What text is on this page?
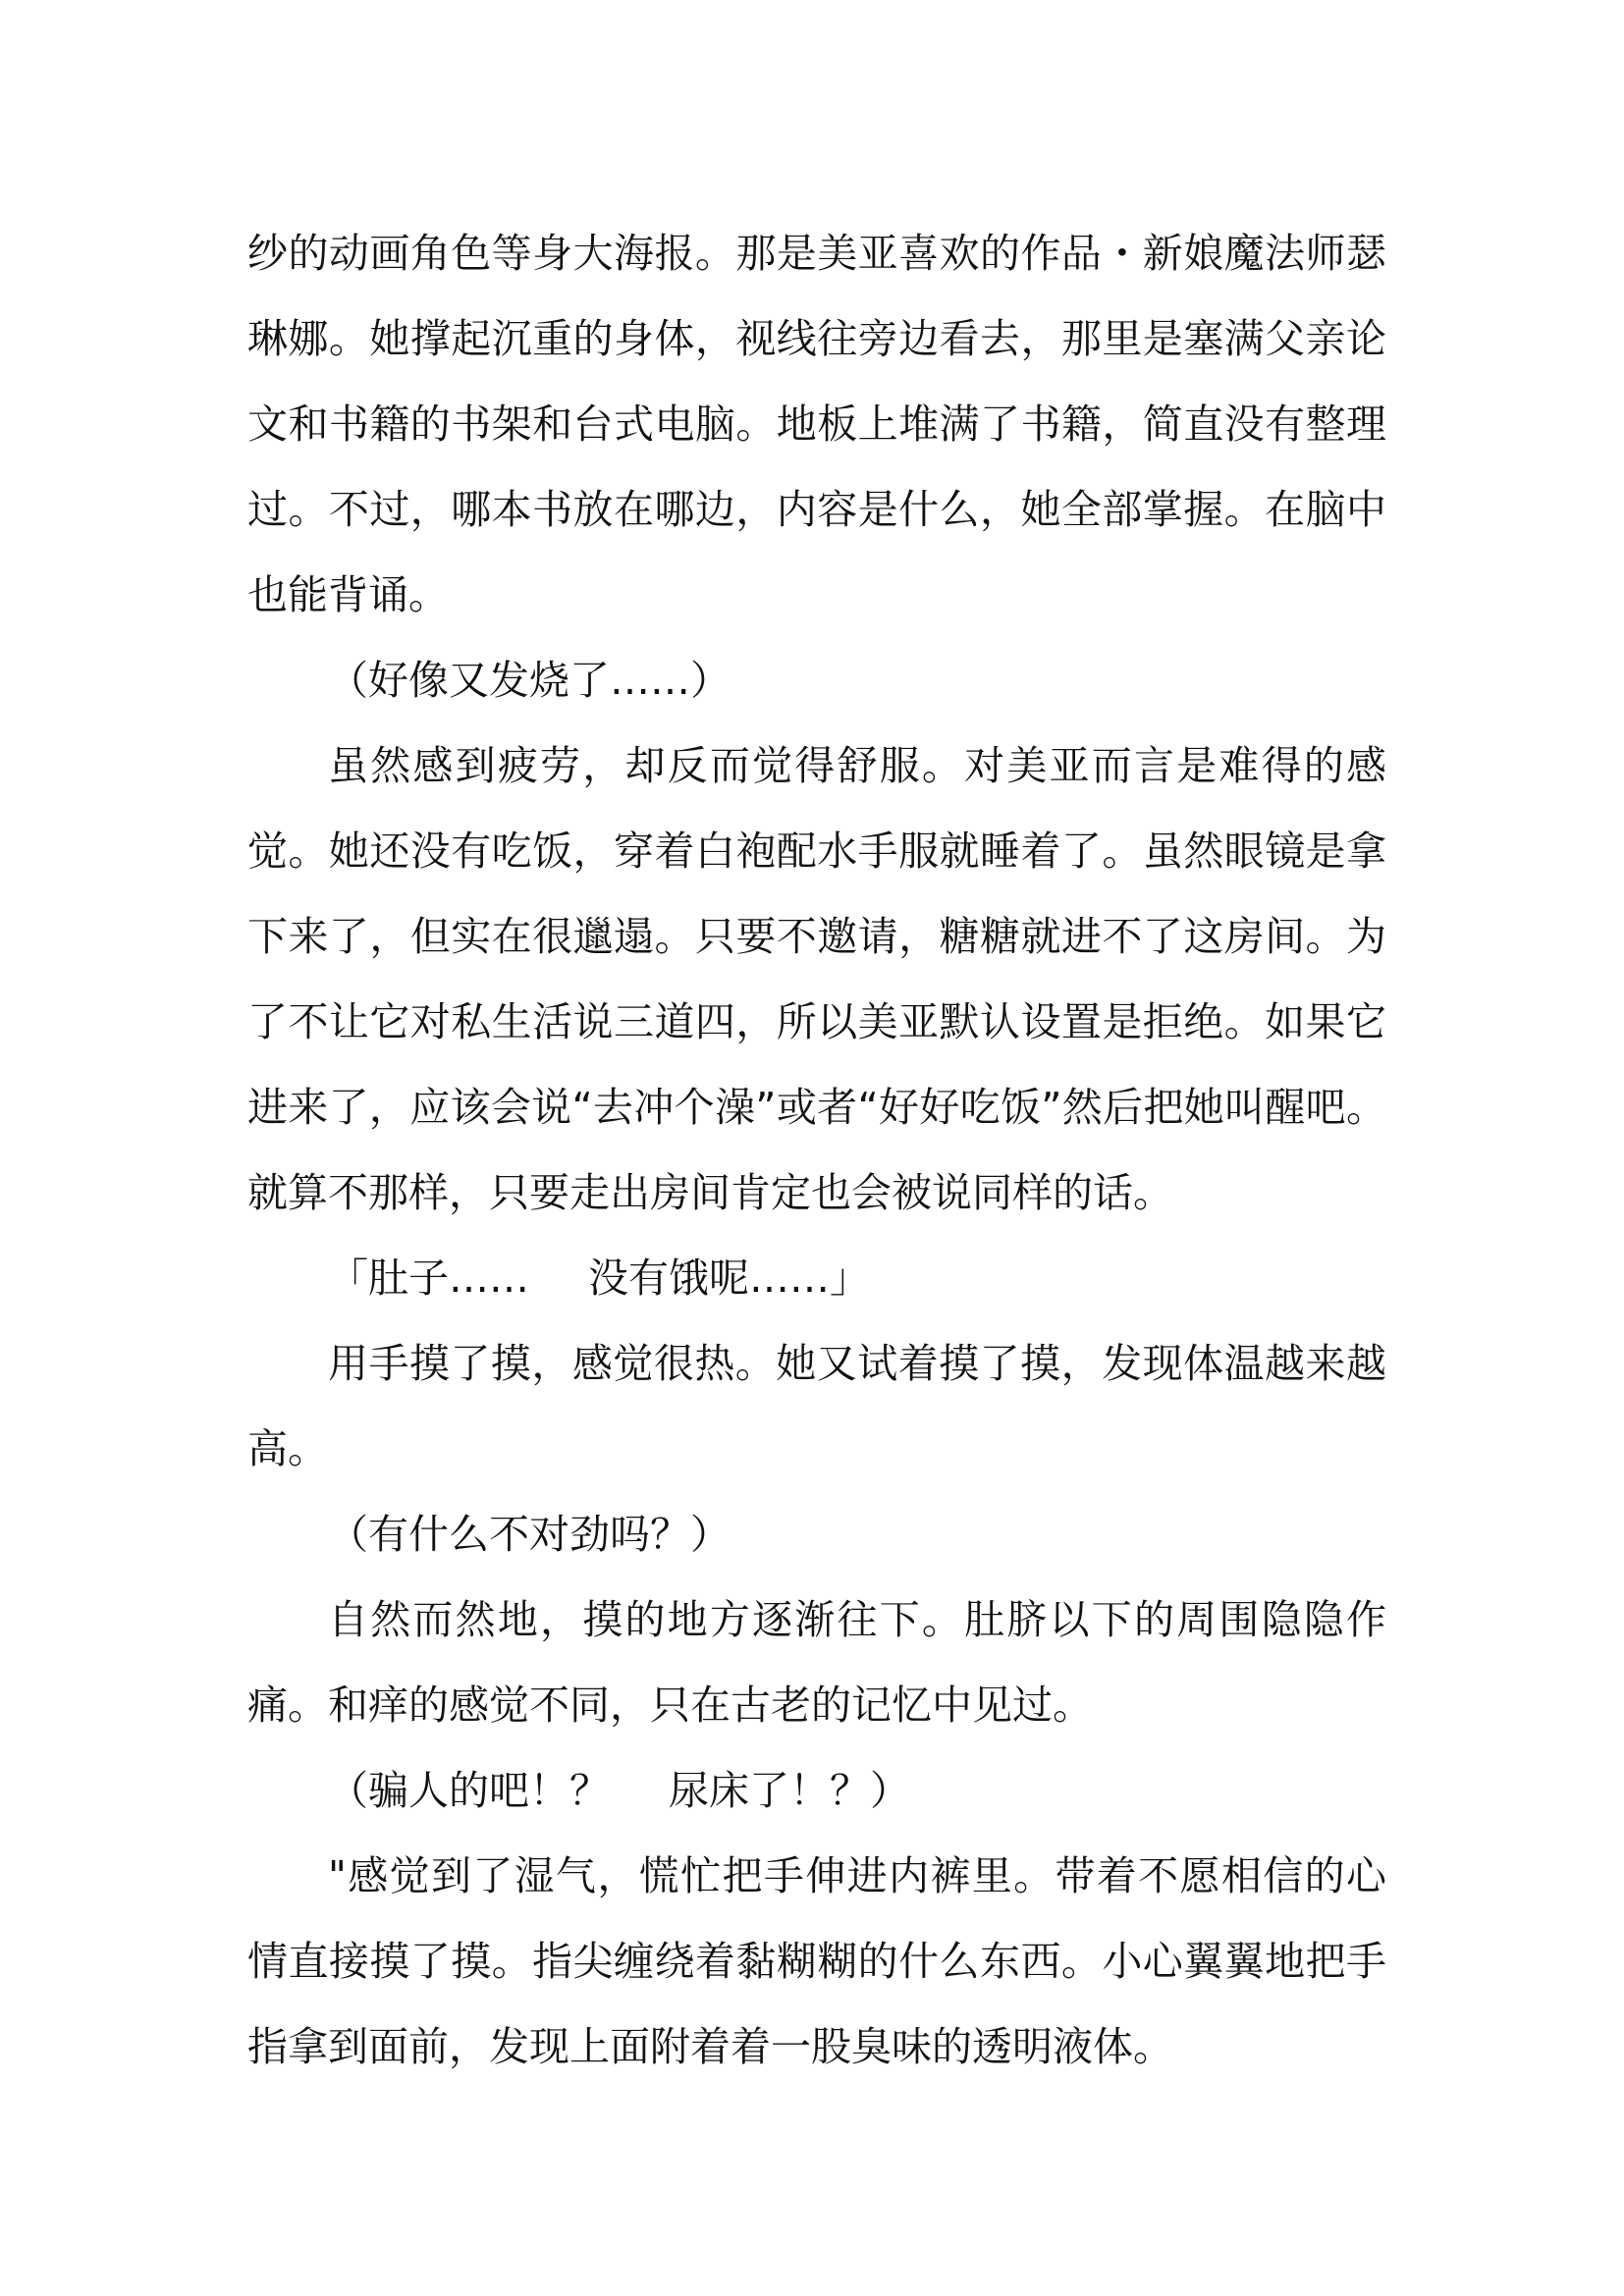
纱的动画角色等身大海报。那是美亚喜欢的作品・新娘魔法师瑟琳娜。她撑起沉重的身体，视线往旁边看去，那里是塞满父亲论文和书籍的书架和台式电脑。地板上堆满了书籍，简直没有整理过。不过，哪本书放在哪边，内容是什么，她全部掌握。在脑中也能背诵。

（好像又发烧了……）

虽然感到疲劳，却反而觉得舒服。对美亚而言是难得的感觉。她还没有吃饭，穿着白袍配水手服就睡着了。虽然眼镜是拿下来了，但实在很邋遢。只要不邀请，糖糖就进不了这房间。为了不让它对私生活说三道四，所以美亚默认设置是拒绝。如果它进来了，应该会说“去冲个澡”或者“好好吃饭”然后把她叫醒吧。就算不那样，只要走出房间肯定也会被说同样的话。

「肚子…… 没有饿呢……」

用手摸了摸，感觉很热。她又试着摸了摸，发现体温越来越高。

（有什么不对劲吗？）

自然而然地，摸的地方逐渐往下。肚脐以下的周围隐隐作痛。和痒的感觉不同，只在古老的记忆中见过。

（骗人的吧！？ 尿床了！？）

"感觉到了湿气，慌忙把手伸进内裤里。带着不愿相信的心情直接摸了摸。指尖缠绕着黏糊糊的什么东西。小心翼翼地把手指拿到面前，发现上面附着着一股臭味的透明液体。
